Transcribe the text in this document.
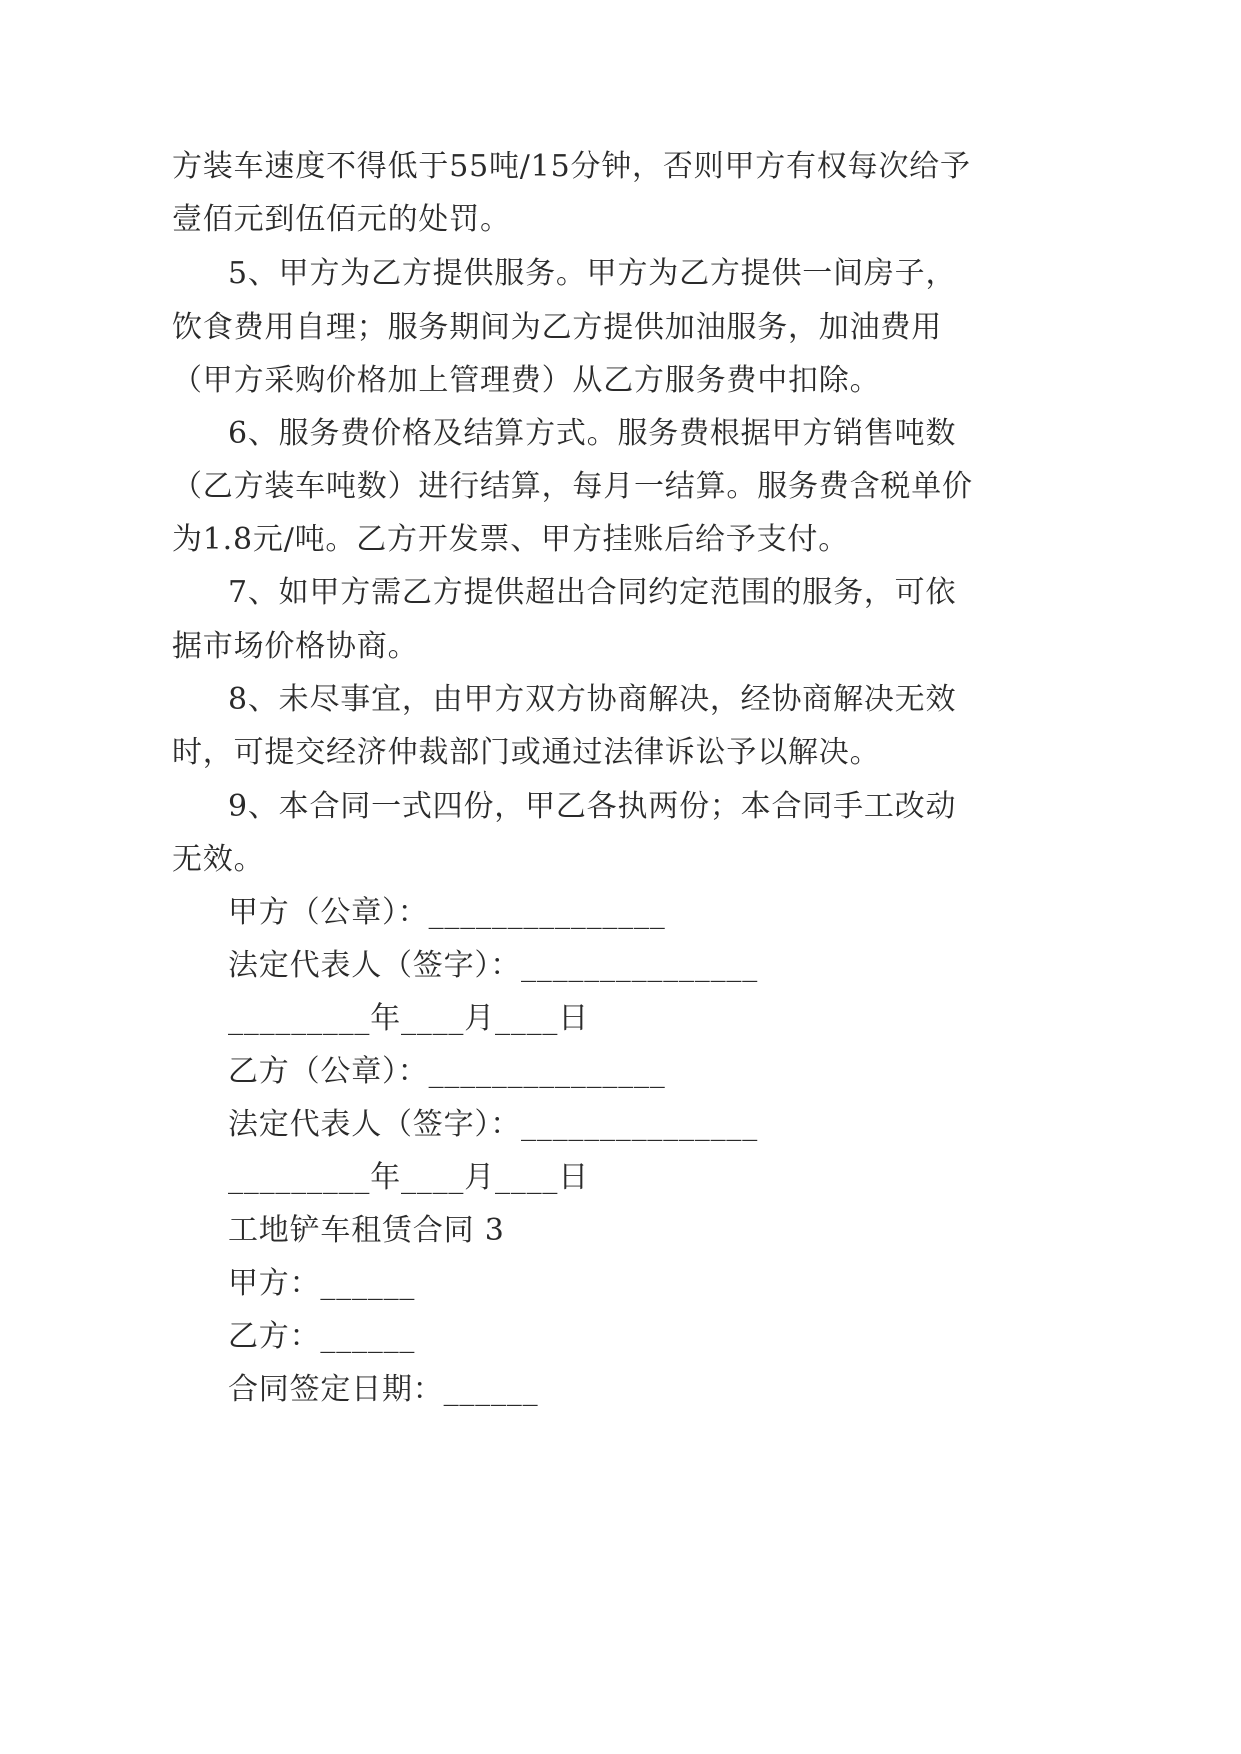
方装车速度不得低于55吨/15分钟，否则甲方有权每次给予
壹佰元到伍佰元的处罚。
5、甲方为乙方提供服务。甲方为乙方提供一间房子，
饮食费用自理；服务期间为乙方提供加油服务，加油费用
（甲方采购价格加上管理费）从乙方服务费中扣除。
6、服务费价格及结算方式。服务费根据甲方销售吨数
（乙方装车吨数）进行结算，每月一结算。服务费含税单价
为1.8元/吨。乙方开发票、甲方挂账后给予支付。
7、如甲方需乙方提供超出合同约定范围的服务，可依
据市场价格协商。
8、未尽事宜，由甲方双方协商解决，经协商解决无效
时，可提交经济仲裁部门或通过法律诉讼予以解决。
9、本合同一式四份，甲乙各执两份；本合同手工改动
无效。
甲方（公章）：_______________
法定代表人（签字）：_______________
_________年____月____日
乙方（公章）：_______________
法定代表人（签字）：_______________
_________年____月____日
工地铲车租赁合同 3
甲方：______
乙方：______
合同签定日期：______
